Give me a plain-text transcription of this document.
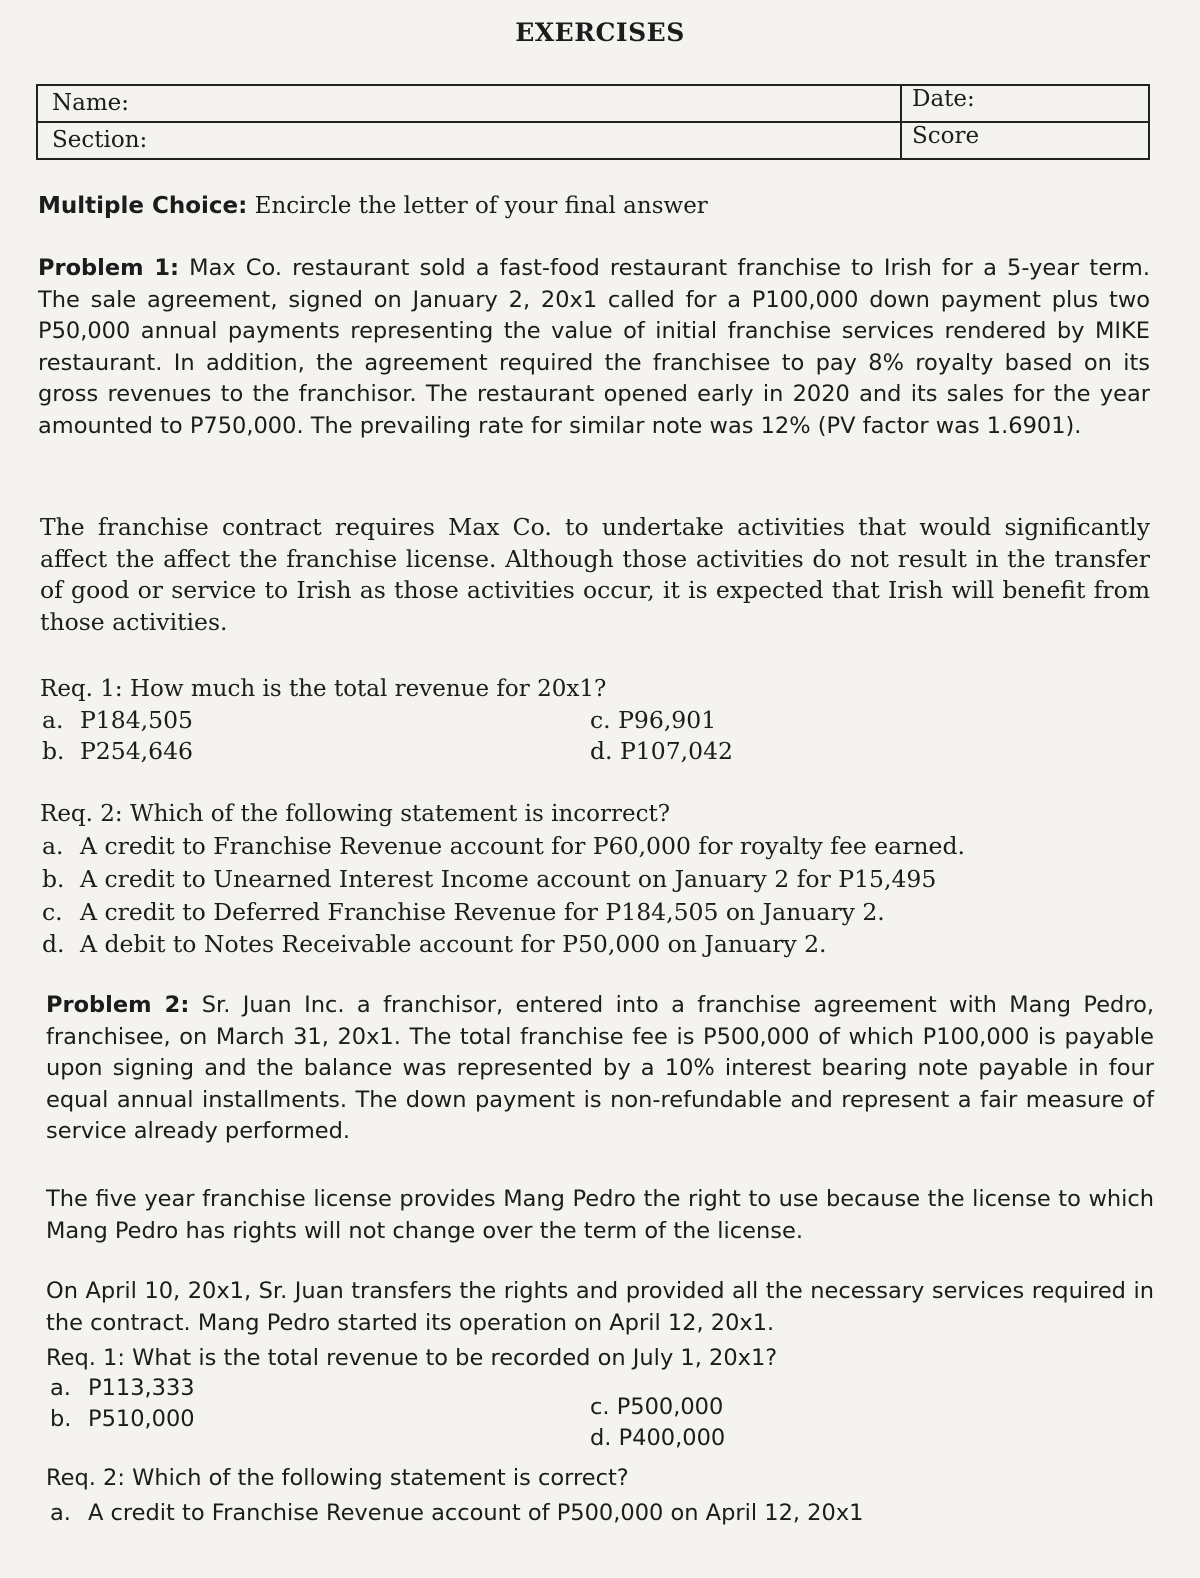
EXERCISES
Name:
Section:
Date:
Score
Multiple Choice: Encircle the letter of your final answer
Problem 1: Max Co. restaurant sold a fast-food restaurant franchise to Irish for a 5-year term. The sale agreement, signed on January 2, 20x1 called for a P100,000 down payment plus two P50,000 annual payments representing the value of initial franchise services rendered by MIKE restaurant. In addition, the agreement required the franchisee to pay 8% royalty based on its gross revenues to the franchisor. The restaurant opened early in 2020 and its sales for the year amounted to P750,000. The prevailing rate for similar note was 12% (PV factor was 1.6901).
The franchise contract requires Max Co. to undertake activities that would significantly affect the affect the franchise license. Although those activities do not result in the transfer of good or service to Irish as those activities occur, it is expected that Irish will benefit from those activities.
Req. 1: How much is the total revenue for 20x1?
a. P184,505
b. P254,646
c. P96,901
d. P107,042
Req. 2: Which of the following statement is incorrect?
a. A credit to Franchise Revenue account for P60,000 for royalty fee earned.
b. A credit to Unearned Interest Income account on January 2 for P15,495
c. A credit to Deferred Franchise Revenue for P184,505 on January 2.
d. A debit to Notes Receivable account for P50,000 on January 2.
Problem 2: Sr. Juan Inc. a franchisor, entered into a franchise agreement with Mang Pedro, franchisee, on March 31, 20x1. The total franchise fee is P500,000 of which P100,000 is payable upon signing and the balance was represented by a 10% interest bearing note payable in four equal annual installments. The down payment is non-refundable and represent a fair measure of service already performed.
The five year franchise license provides Mang Pedro the right to use because the license to which Mang Pedro has rights will not change over the term of the license.
On April 10, 20x1, Sr. Juan transfers the rights and provided all the necessary services required in the contract. Mang Pedro started its operation on April 12, 20x1.
Req. 1: What is the total revenue to be recorded on July 1, 20x1?
a. P113,333
b. P510,000	c. P500,000
d. P400,000
Req. 2: Which of the following statement is correct?
a. A credit to Franchise Revenue account of P500,000 on April 12, 20x1
